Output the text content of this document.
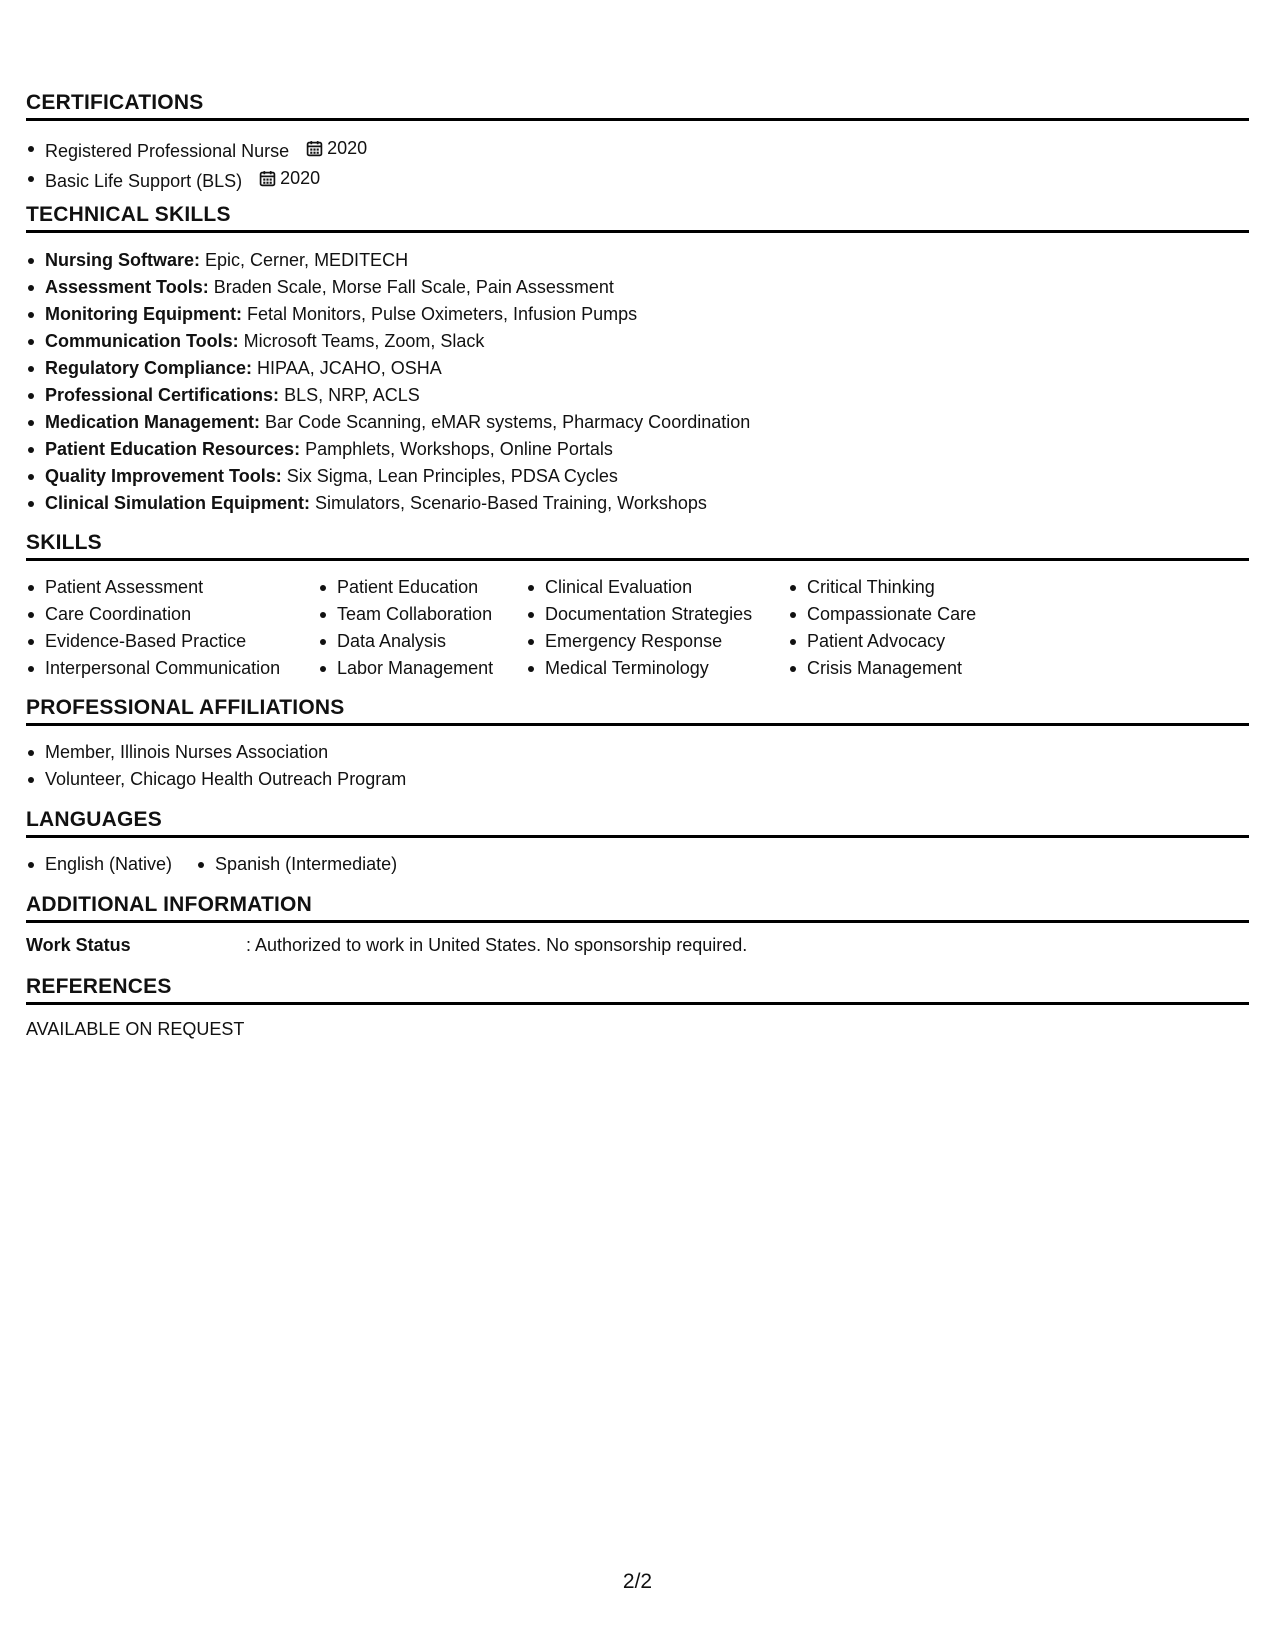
CERTIFICATIONS
Registered Professional Nurse 2020
Basic Life Support (BLS) 2020
TECHNICAL SKILLS
Nursing Software: Epic, Cerner, MEDITECH
Assessment Tools: Braden Scale, Morse Fall Scale, Pain Assessment
Monitoring Equipment: Fetal Monitors, Pulse Oximeters, Infusion Pumps
Communication Tools: Microsoft Teams, Zoom, Slack
Regulatory Compliance: HIPAA, JCAHO, OSHA
Professional Certifications: BLS, NRP, ACLS
Medication Management: Bar Code Scanning, eMAR systems, Pharmacy Coordination
Patient Education Resources: Pamphlets, Workshops, Online Portals
Quality Improvement Tools: Six Sigma, Lean Principles, PDSA Cycles
Clinical Simulation Equipment: Simulators, Scenario-Based Training, Workshops
SKILLS
Patient Assessment
Care Coordination
Evidence-Based Practice
Interpersonal Communication
Patient Education
Team Collaboration
Data Analysis
Labor Management
Clinical Evaluation
Documentation Strategies
Emergency Response
Medical Terminology
Critical Thinking
Compassionate Care
Patient Advocacy
Crisis Management
PROFESSIONAL AFFILIATIONS
Member, Illinois Nurses Association
Volunteer, Chicago Health Outreach Program
LANGUAGES
English (Native)	Spanish (Intermediate)
ADDITIONAL INFORMATION
Work Status	: Authorized to work in United States. No sponsorship required.
REFERENCES
AVAILABLE ON REQUEST
2/2
